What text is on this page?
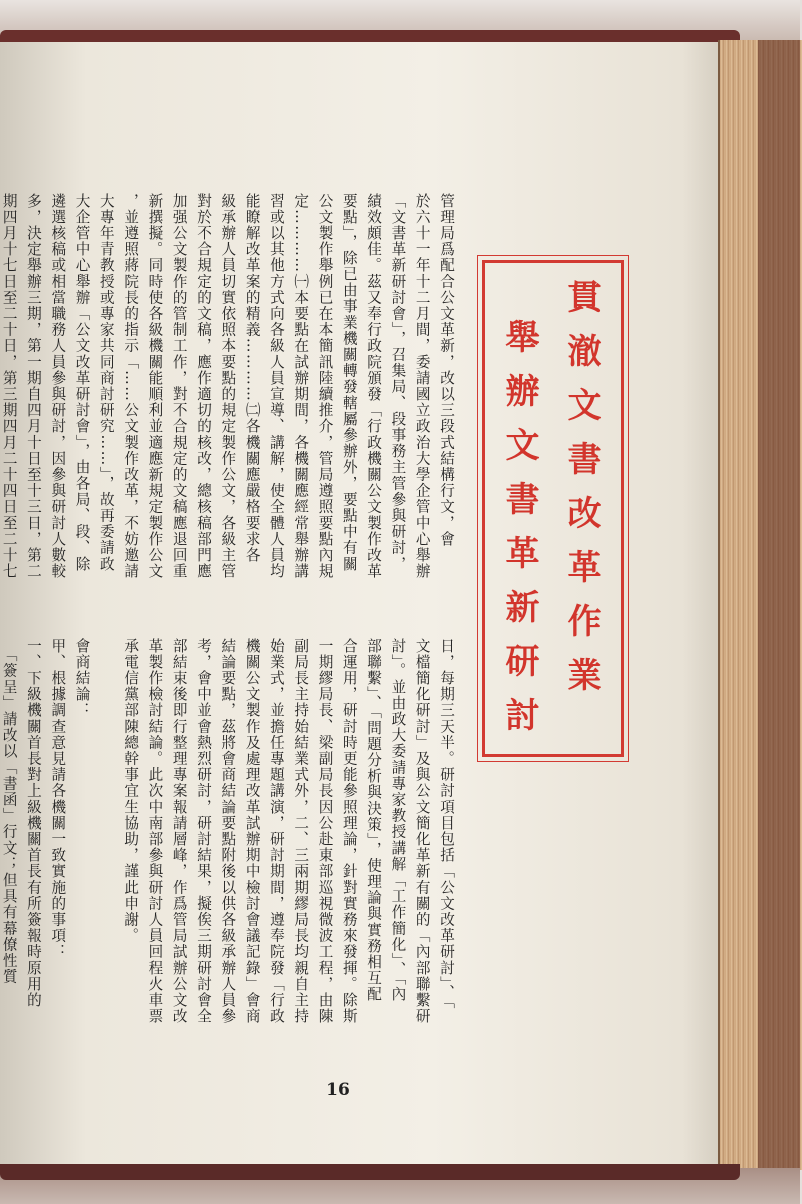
貫澈文書改革作業
舉辦文書革新研討
管理局爲配合公文革新，改以三段式結構行文，會
於六十一年十二月間，委請國立政治大學企管中心舉辦
「文書革新研討會」，召集局、段事務主管參與研討，
績效頗佳。茲又奉行政院頒發「行政機關公文製作改革
要點」，除已由事業機關轉發轄屬參辦外，要點中有關
公文製作舉例已在本簡訊陸續推介，管局遵照要點內規
定…………㈠本要點在試辦期間，各機關應經常舉辦講
習或以其他方式向各級人員宣導、講解，使全體人員均
能瞭解改革案的精義…………㈡各機關應嚴格要求各
級承辦人員切實依照本要點的規定製作公文，各級主管
對於不合規定的文稿，應作適切的核改，總核稿部門應
加强公文製作的管制工作，對不合規定的文稿應退回重
新撰擬。同時使各級機關能順利並適應新規定製作公文
，並遵照蔣院長的指示「……公文製作改革，不妨邀請
大專年青教授或專家共同商討研究……」，故再委請政
大企管中心舉辦「公文改革研討會」，由各局、段、除
遴選核稿或相當職務人員參與研討，因參與研討人數較
多，決定舉辦三期，第一期自四月十日至十三日，第二
期四月十七日至二十日，第三期四月二十四日至二十七
日，每期三天半。研討項目包括「公文改革研討」、「
文檔簡化研討」及與公文簡化革新有關的「內部聯繫研
討」。並由政大委請專家教授講解「工作簡化」、「內
部聯繫」、「問題分析與決策」，使理論與實務相互配
合運用，研討時更能參照理論，針對實務來發揮。除斯
一期繆局長、梁副局長因公赴東部巡視微波工程，由陳
副局長主持始結業式外，二、三兩期繆局長均親自主持
始業式，並擔任專題講演，研討期間，遵奉院發「行政
機關公文製作及處理改革試辦期中檢討會議記錄」會商
結論要點，茲將會商結論要點附後以供各級承辦人員參
考，會中並會熱烈研討，研討結果，擬俟三期研討會全
部結束後即行整理專案報請層峰，作爲管局試辦公文改
革製作檢討結論。此次中南部參與研討人員回程火車票
承電信黨部陳總幹事宜生協助，謹此申謝。

會商結論：
甲、根據調查意見請各機關一致實施的事項：
一、下級機關首長對上級機關首長有所簽報時原用的
　「簽呈」請改以「書函」行文；但具有幕僚性質

16
